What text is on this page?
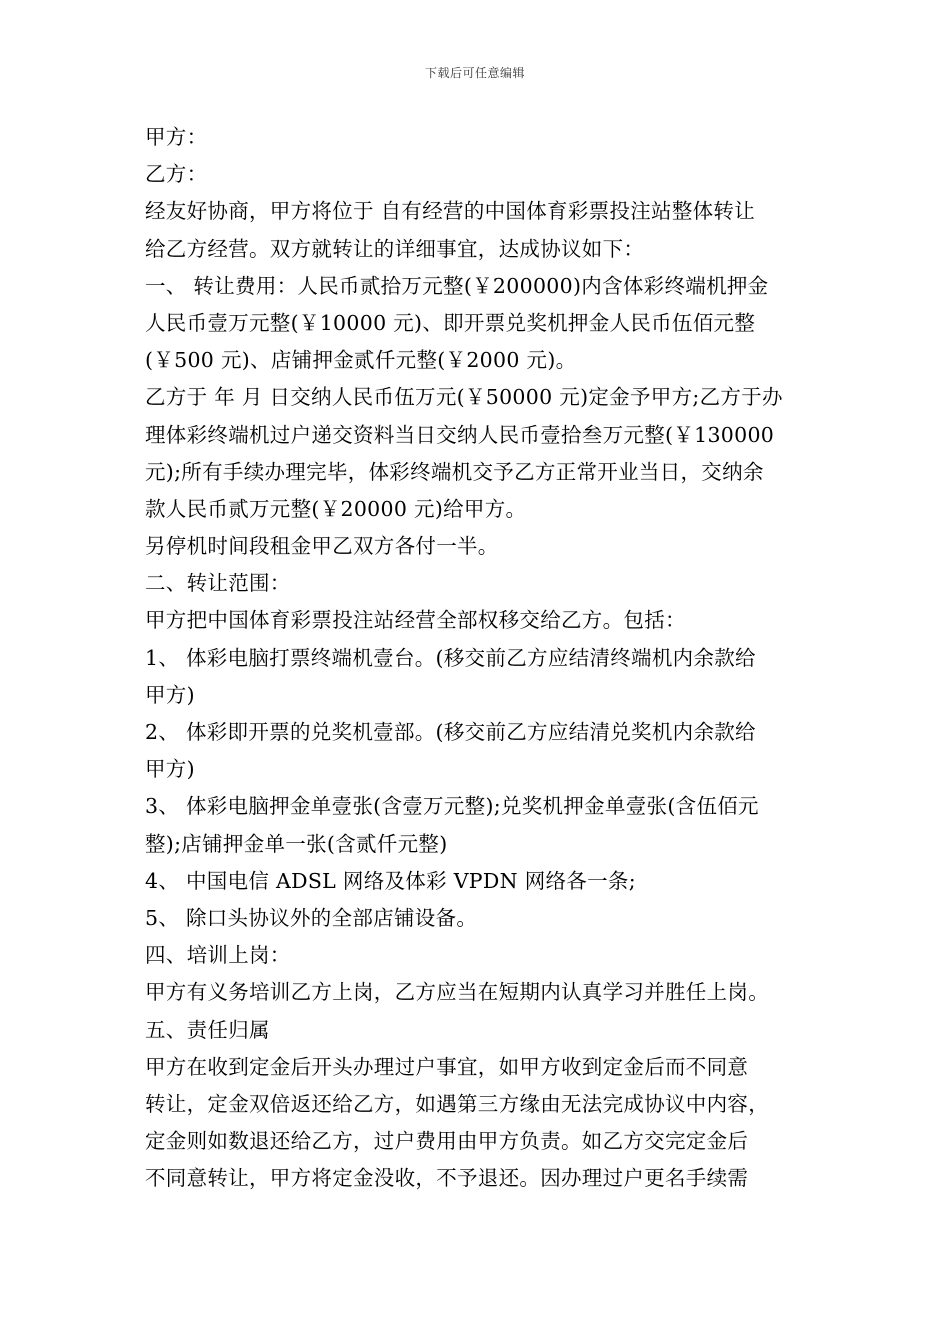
下载后可任意编辑
甲方：
乙方：
经友好协商，甲方将位于 自有经营的中国体育彩票投注站整体转让
给乙方经营。双方就转让的详细事宜，达成协议如下：
一、 转让费用：人民币贰拾万元整(￥200000)内含体彩终端机押金
人民币壹万元整(￥10000 元)、即开票兑奖机押金人民币伍佰元整
(￥500 元)、店铺押金贰仟元整(￥2000 元)。
乙方于 年 月 日交纳人民币伍万元(￥50000 元)定金予甲方;乙方于办
理体彩终端机过户递交资料当日交纳人民币壹拾叁万元整(￥130000
元);所有手续办理完毕，体彩终端机交予乙方正常开业当日，交纳余
款人民币贰万元整(￥20000 元)给甲方。
另停机时间段租金甲乙双方各付一半。
二、转让范围：
甲方把中国体育彩票投注站经营全部权移交给乙方。包括：
1、 体彩电脑打票终端机壹台。(移交前乙方应结清终端机内余款给
甲方)
2、 体彩即开票的兑奖机壹部。(移交前乙方应结清兑奖机内余款给
甲方)
3、 体彩电脑押金单壹张(含壹万元整);兑奖机押金单壹张(含伍佰元
整);店铺押金单一张(含贰仟元整)
4、 中国电信 ADSL 网络及体彩 VPDN 网络各一条;
5、 除口头协议外的全部店铺设备。
四、培训上岗：
甲方有义务培训乙方上岗，乙方应当在短期内认真学习并胜任上岗。
五、责任归属
甲方在收到定金后开头办理过户事宜，如甲方收到定金后而不同意
转让，定金双倍返还给乙方，如遇第三方缘由无法完成协议中内容，
定金则如数退还给乙方，过户费用由甲方负责。如乙方交完定金后
不同意转让，甲方将定金没收，不予退还。因办理过户更名手续需
